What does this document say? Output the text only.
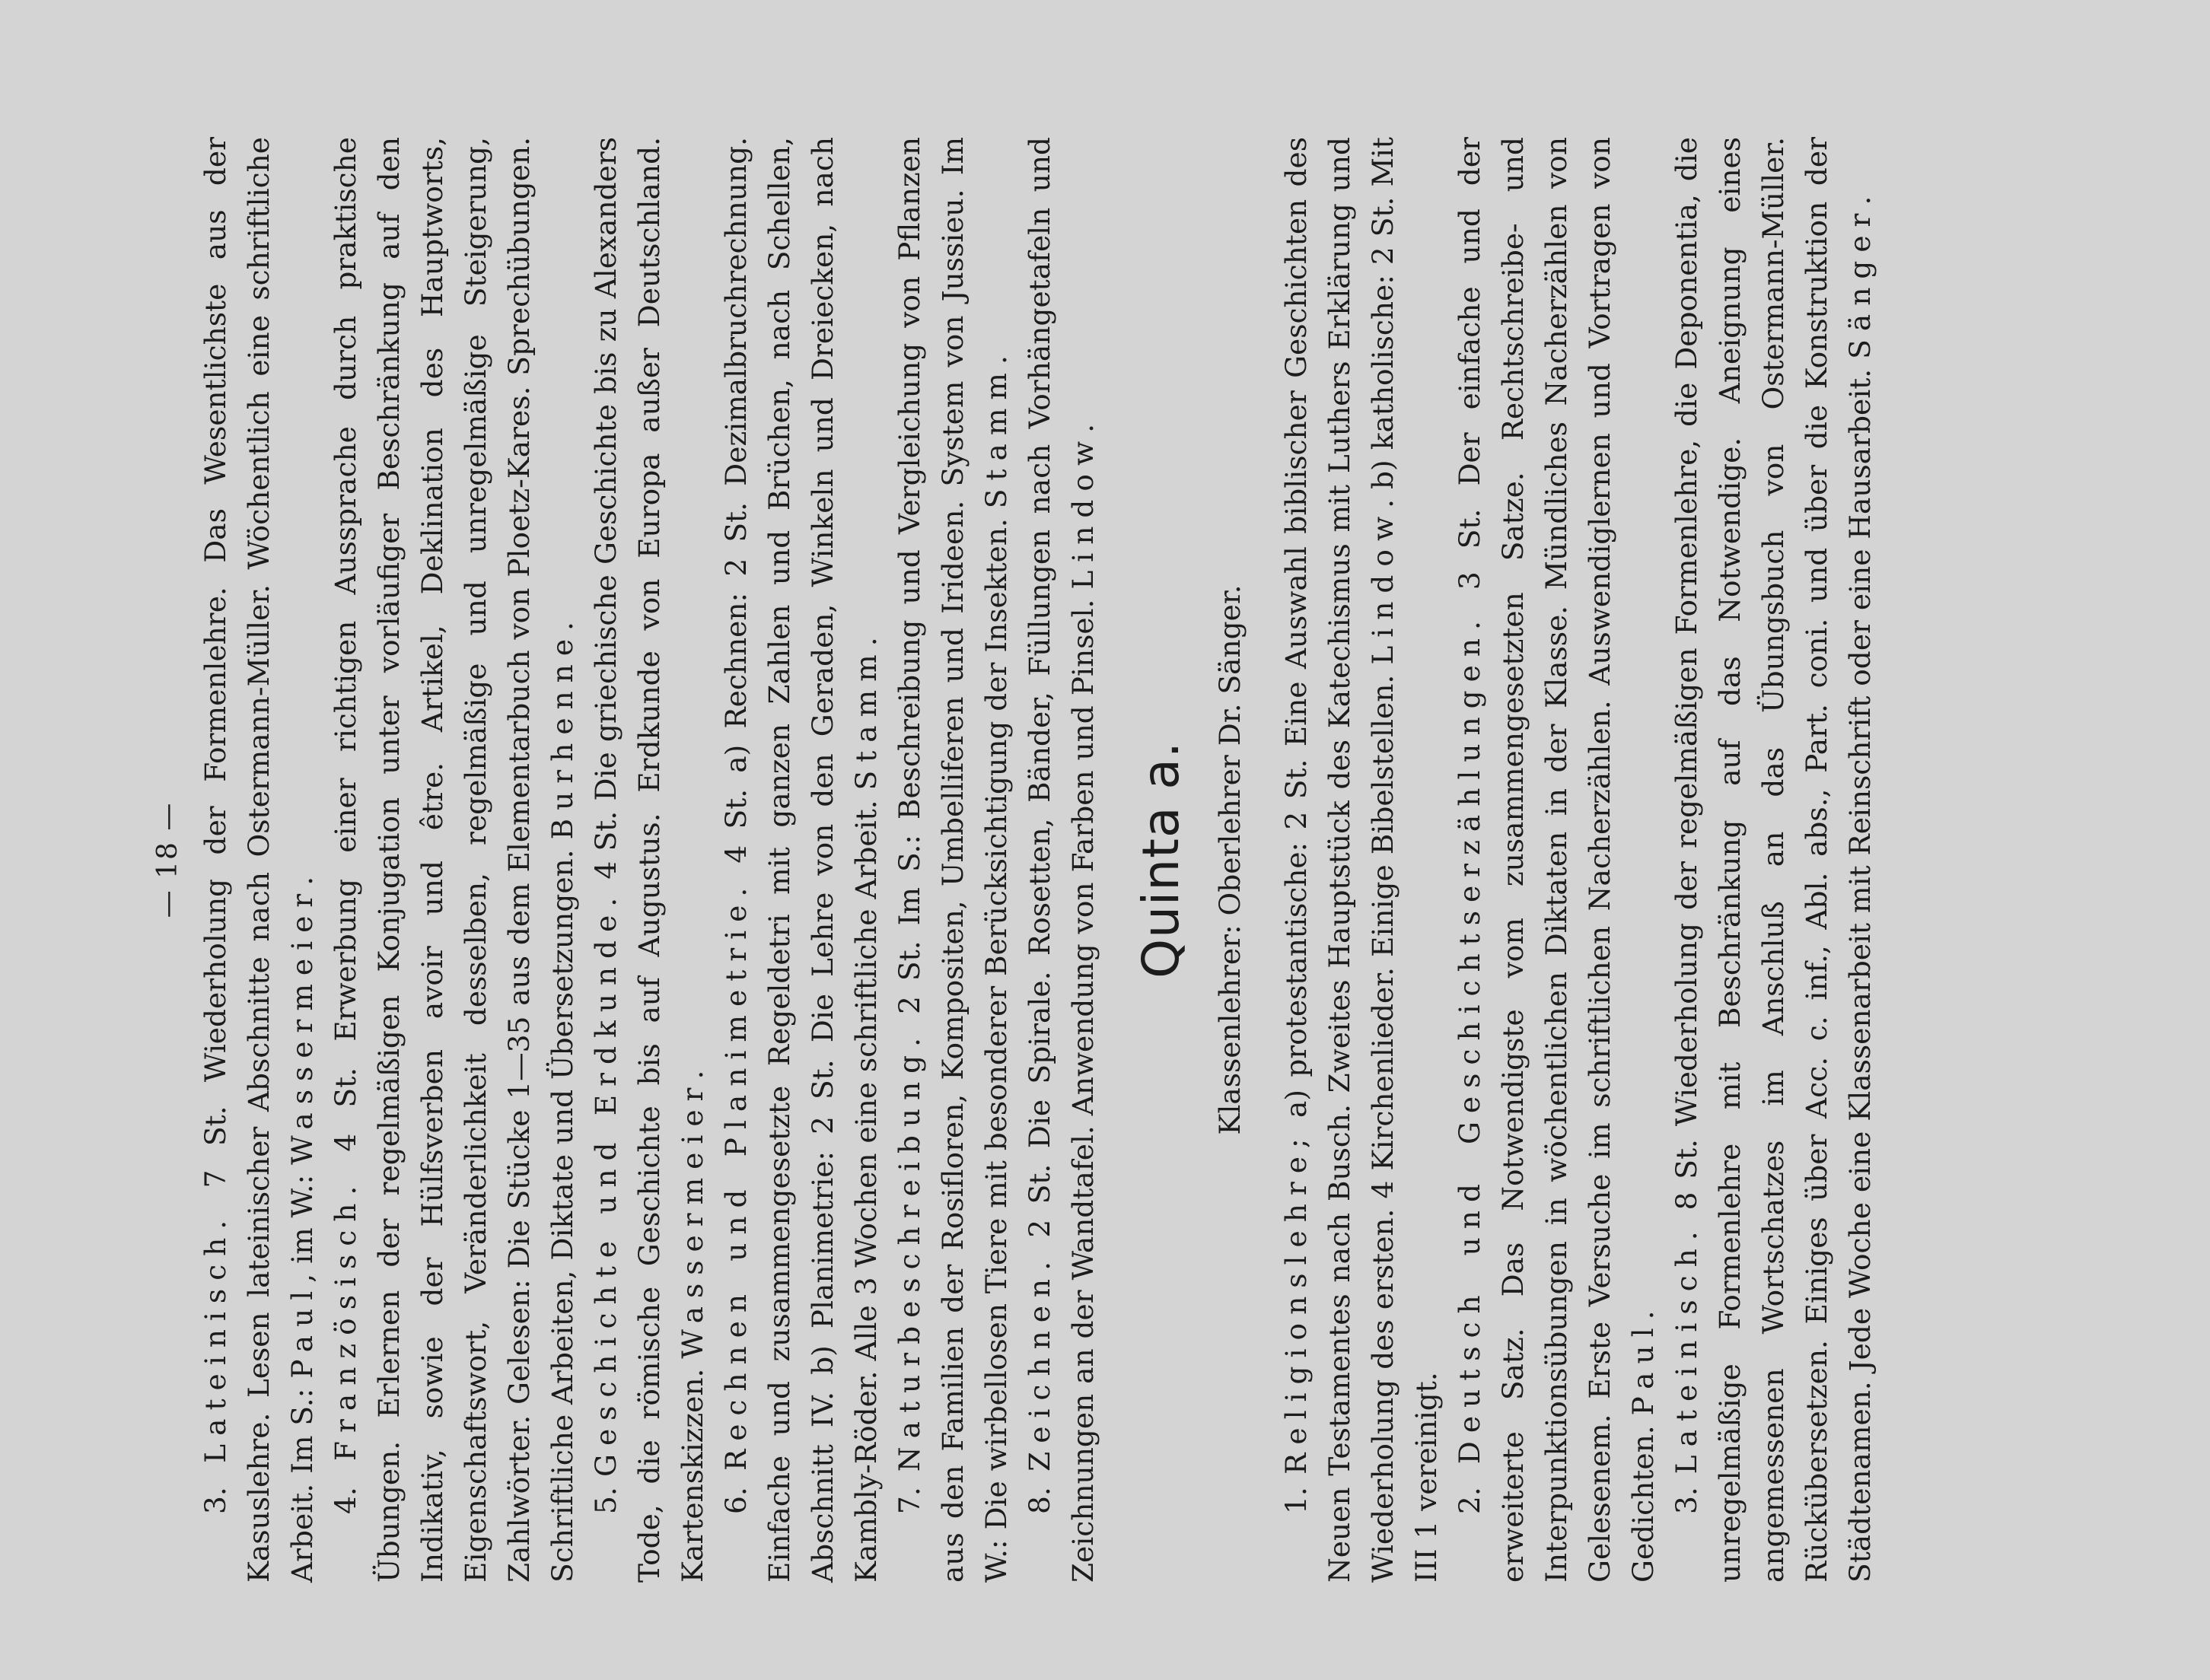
— 18 —

3. Lateinisch. 7 St. Wiederholung der Formenlehre. Das Wesentlichste aus der Kasuslehre. Lesen lateinischer Abschnitte nach Ostermann-Müller. Wöchentlich eine schriftliche Arbeit. Im S.: Paul, im W.: Wassermeier.

4. Französisch. 4 St. Erwerbung einer richtigen Aussprache durch praktische Übungen. Erlernen der regelmäßigen Konjugation unter vorläufiger Beschränkung auf den Indikativ, sowie der Hülfsverben avoir und être. Artikel, Deklination des Hauptworts, Eigenschaftswort, Veränderlichkeit desselben, regelmäßige und unregelmäßige Steigerung, Zahlwörter. Gelesen: Die Stücke 1—35 aus dem Elementarbuch von Ploetz-Kares. Sprechübungen. Schriftliche Arbeiten, Diktate und Übersetzungen. Burhenne.

5. Geschichte und Erdkunde. 4 St. Die griechische Geschichte bis zu Alexanders Tode, die römische Geschichte bis auf Augustus. Erdkunde von Europa außer Deutschland. Kartenskizzen. Wassermeier.

6. Rechnen und Planimetrie. 4 St. a) Rechnen: 2 St. Dezimalbruchrechnung. Einfache und zusammengesetzte Regeldetri mit ganzen Zahlen und Brüchen, nach Schellen, Abschnitt IV. b) Planimetrie: 2 St. Die Lehre von den Geraden, Winkeln und Dreiecken, nach Kambly-Röder. Alle 3 Wochen eine schriftliche Arbeit. Stamm.

7. Naturbeschreibung. 2 St. Im S.: Beschreibung und Vergleichung von Pflanzen aus den Familien der Rosifloren, Kompositen, Umbelliferen und Irideen. System von Jussieu. Im W.: Die wirbellosen Tiere mit besonderer Berücksichtigung der Insekten. Stamm.

8. Zeichnen. 2 St. Die Spirale. Rosetten, Bänder, Füllungen nach Vorhängetafeln und Zeichnungen an der Wandtafel. Anwendung von Farben und Pinsel. Lindow.

Quinta a. Klassenlehrer: Oberlehrer Dr. Sänger.

1. Religionslehre; a) protestantische: 2 St. Eine Auswahl biblischer Geschichten des Neuen Testamentes nach Busch. Zweites Hauptstück des Katechismus mit Luthers Erklärung und Wiederholung des ersten. 4 Kirchenlieder. Einige Bibelstellen. Lindow. b) katholische: 2 St. Mit III 1 vereinigt. 2. Deutsch und Geschichtserzählungen. 3 St. Der einfache und der erweiterte Satz. Das Notwendigste vom zusammengesetzten Satze. Rechtschreibe- und Interpunktionsübungen in wöchentlichen Diktaten in der Klasse. Mündliches Nacherzählen von Gelesenem. Erste Versuche im schriftlichen Nacherzählen. Auswendiglernen und Vortragen von Gedichten. Paul.

3. Lateinisch. 8 St. Wiederholung der regelmäßigen Formenlehre, die Deponentia, die unregelmäßige Formenlehre mit Beschränkung auf das Notwendige. Aneignung eines angemessenen Wortschatzes im Anschluß an das Übungsbuch von Ostermann-Müller. Rückübersetzen. Einiges über Acc. c. inf., Abl. abs., Part. coni. und über die Konstruktion der Städtenamen. Jede Woche eine Klassenarbeit mit Reinschrift oder eine Hausarbeit. Sänger.
